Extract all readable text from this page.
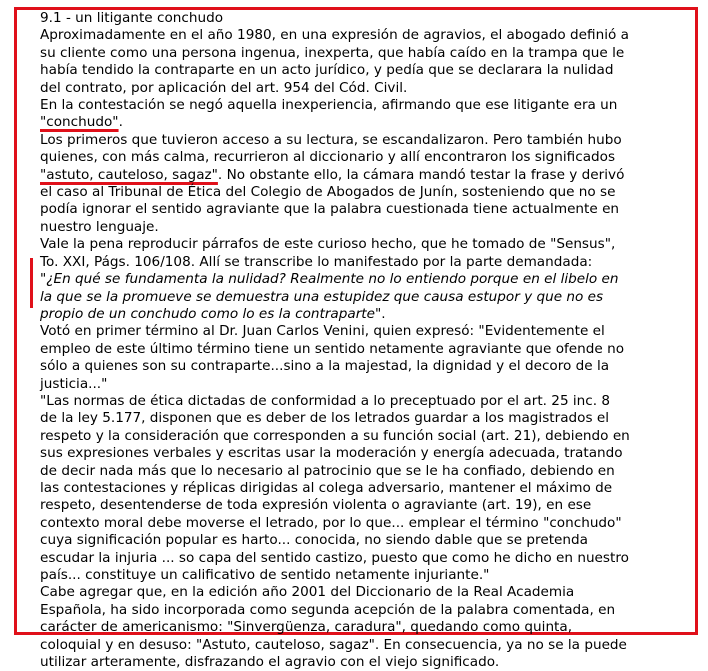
9.1 - un litigante conchudo

Aproximadamente en el año 1980, en una expresión de agravios, el abogado definió a su cliente como una persona ingenua, inexperta, que había caído en la trampa que le había tendido la contraparte en un acto jurídico, y pedía que se declarara la nulidad del contrato, por aplicación del art. 954 del Cód. Civil.

En la contestación se negó aquella inexperiencia, afirmando que ese litigante era un "conchudo".

Los primeros que tuvieron acceso a su lectura, se escandalizaron. Pero también hubo quienes, con más calma, recurrieron al diccionario y allí encontraron los significados "astuto, cauteloso, sagaz". No obstante ello, la cámara mandó testar la frase y derivó el caso al Tribunal de Ética del Colegio de Abogados de Junín, sosteniendo que no se podía ignorar el sentido agraviante que la palabra cuestionada tiene actualmente en nuestro lenguaje.

Vale la pena reproducir párrafos de este curioso hecho, que he tomado de "Sensus", To. XXI, Págs. 106/108. Allí se transcribe lo manifestado por la parte demandada:

"¿En qué se fundamenta la nulidad? Realmente no lo entiendo porque en el libelo en la que se la promueve se demuestra una estupidez que causa estupor y que no es propio de un conchudo como lo es la contraparte".

Votó en primer término al Dr. Juan Carlos Venini, quien expresó: "Evidentemente el empleo de este último término tiene un sentido netamente agraviante que ofende no sólo a quienes son su contraparte...sino a la majestad, la dignidad y el decoro de la justicia..."

"Las normas de ética dictadas de conformidad a lo preceptuado por el art. 25 inc. 8 de la ley 5.177, disponen que es deber de los letrados guardar a los magistrados el respeto y la consideración que corresponden a su función social (art. 21), debiendo en sus expresiones verbales y escritas usar la moderación y energía adecuada, tratando de decir nada más que lo necesario al patrocinio que se le ha confiado, debiendo en las contestaciones y réplicas dirigidas al colega adversario, mantener el máximo de respeto, desentenderse de toda expresión violenta o agraviante (art. 19), en ese contexto moral debe moverse el letrado, por lo que... emplear el término "conchudo" cuya significación popular es harto... conocida, no siendo dable que se pretenda escudar la injuria ... so capa del sentido castizo, puesto que como he dicho en nuestro país... constituye un calificativo de sentido netamente injuriante."

Cabe agregar que, en la edición año 2001 del Diccionario de la Real Academia Española, ha sido incorporada como segunda acepción de la palabra comentada, en carácter de americanismo: "Sinvergüenza, caradura", quedando como quinta, coloquial y en desuso: "Astuto, cauteloso, sagaz". En consecuencia, ya no se la puede utilizar arteramente, disfrazando el agravio con el viejo significado.
